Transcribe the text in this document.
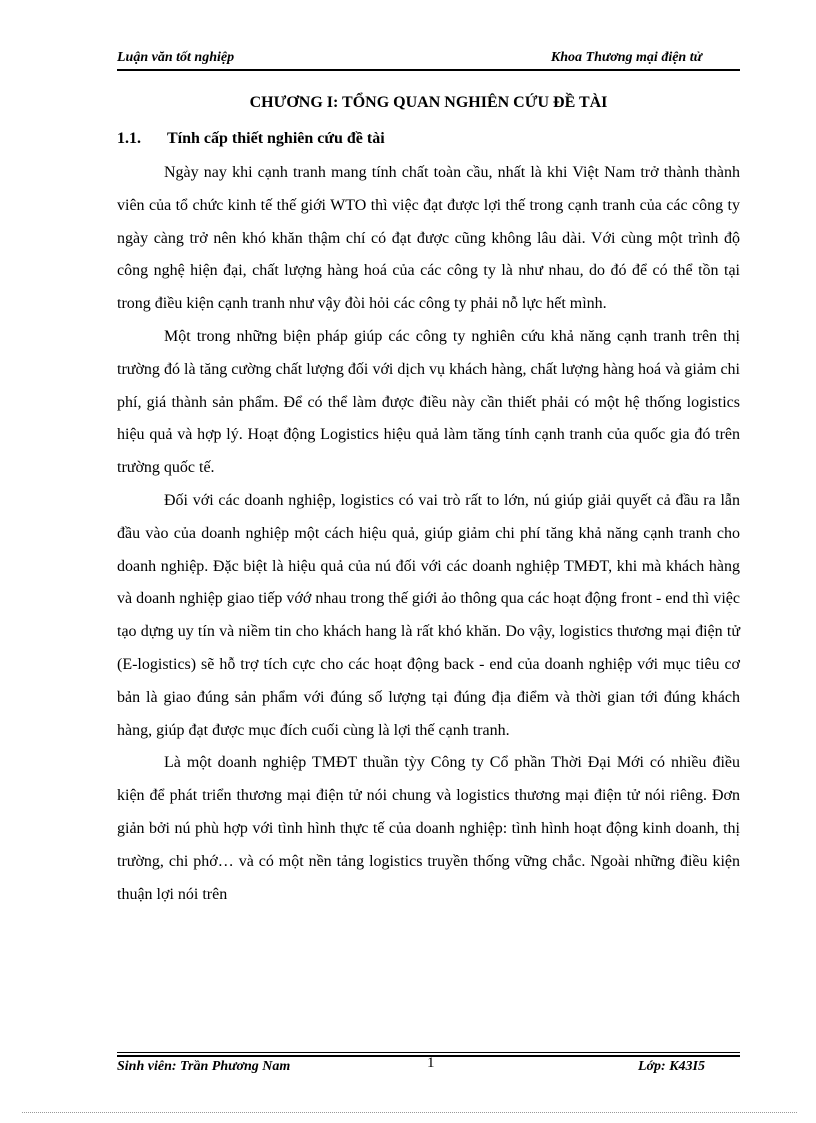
Luận văn tốt nghiệp	Khoa Thương mại điện tử
CHƯƠNG I: TỔNG QUAN NGHIÊN CỨU ĐỀ TÀI
1.1. Tính cấp thiết nghiên cứu đề tài

Ngày nay khi cạnh tranh mang tính chất toàn cầu, nhất là khi Việt Nam trở thành thành viên của tổ chức kinh tế thế giới WTO thì việc đạt được lợi thế trong cạnh tranh của các công ty ngày càng trở nên khó khăn thậm chí có đạt được cũng không lâu dài. Với cùng một trình độ công nghệ hiện đại, chất lượng hàng hoá của các công ty là như nhau, do đó để có thể tồn tại trong điều kiện cạnh tranh như vậy đòi hỏi các công ty phải nỗ lực hết mình.

Một trong những biện pháp giúp các công ty nghiên cứu khả năng cạnh tranh trên thị trường đó là tăng cường chất lượng đối với dịch vụ khách hàng, chất lượng hàng hoá và giảm chi phí, giá thành sản phẩm. Để có thể làm được điều này cần thiết phải có một hệ thống logistics hiệu quả và hợp lý. Hoạt động Logistics hiệu quả làm tăng tính cạnh tranh của quốc gia đó trên trường quốc tế.

Đối với các doanh nghiệp, logistics có vai trò rất to lớn, nú giúp giải quyết cả đầu ra lẫn đầu vào của doanh nghiệp một cách hiệu quả, giúp giảm chi phí tăng khả năng cạnh tranh cho doanh nghiệp. Đặc biệt là hiệu quả của nú đối với các doanh nghiệp TMĐT, khi mà khách hàng và doanh nghiệp giao tiếp vớớ nhau trong thế giới ảo thông qua các hoạt động front - end thì việc tạo dựng uy tín và niềm tin cho khách hang là rất khó khăn. Do vậy, logistics thương mại điện tử (E-logistics) sẽ hỗ trợ tích cực cho các hoạt động back - end của doanh nghiệp với mục tiêu cơ bản là giao đúng sản phẩm với đúng số lượng tại đúng địa điểm và thời gian tới đúng khách hàng, giúp đạt được mục đích cuối cùng là lợi thế cạnh tranh.

Là một doanh nghiệp TMĐT thuần tỳy Công ty Cổ phần Thời Đại Mới có nhiều điều kiện để phát triển thương mại điện tử nói chung và logistics thương mại điện tử nói riêng. Đơn giản bởi nú phù hợp với tình hình thực tế của doanh nghiệp: tình hình hoạt động kinh doanh, thị trường, chi phớ… và có một nền tảng logistics truyền thống vững chắc. Ngoài những điều kiện thuận lợi nói trên

Sinh viên: Trần Phương Nam	1	Lớp: K43I5
